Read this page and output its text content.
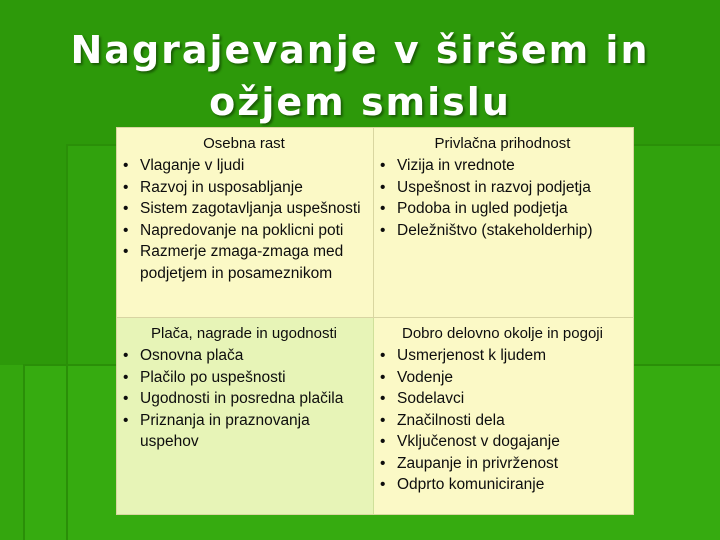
Nagrajevanje v širšem in
ožjem smislu
Osebna rast
• Vlaganje v ljudi
• Razvoj in usposabljanje
• Sistem zagotavljanja uspešnosti
• Napredovanje na poklicni poti
• Razmerje zmaga-zmaga med podjetjem in posameznikom
Privlačna prihodnost
• Vizija in vrednote
• Uspešnost in razvoj podjetja
• Podoba in ugled podjetja
• Deležništvo (stakeholderhip)
Plača, nagrade in ugodnosti
• Osnovna plača
• Plačilo po uspešnosti
• Ugodnosti in posredna plačila
• Priznanja in praznovanja uspehov
Dobro delovno okolje in pogoji
• Usmerjenost k ljudem
• Vodenje
• Sodelavci
• Značilnosti dela
• Vključenost v dogajanje
• Zaupanje in privrženost
• Odprto komuniciranje
